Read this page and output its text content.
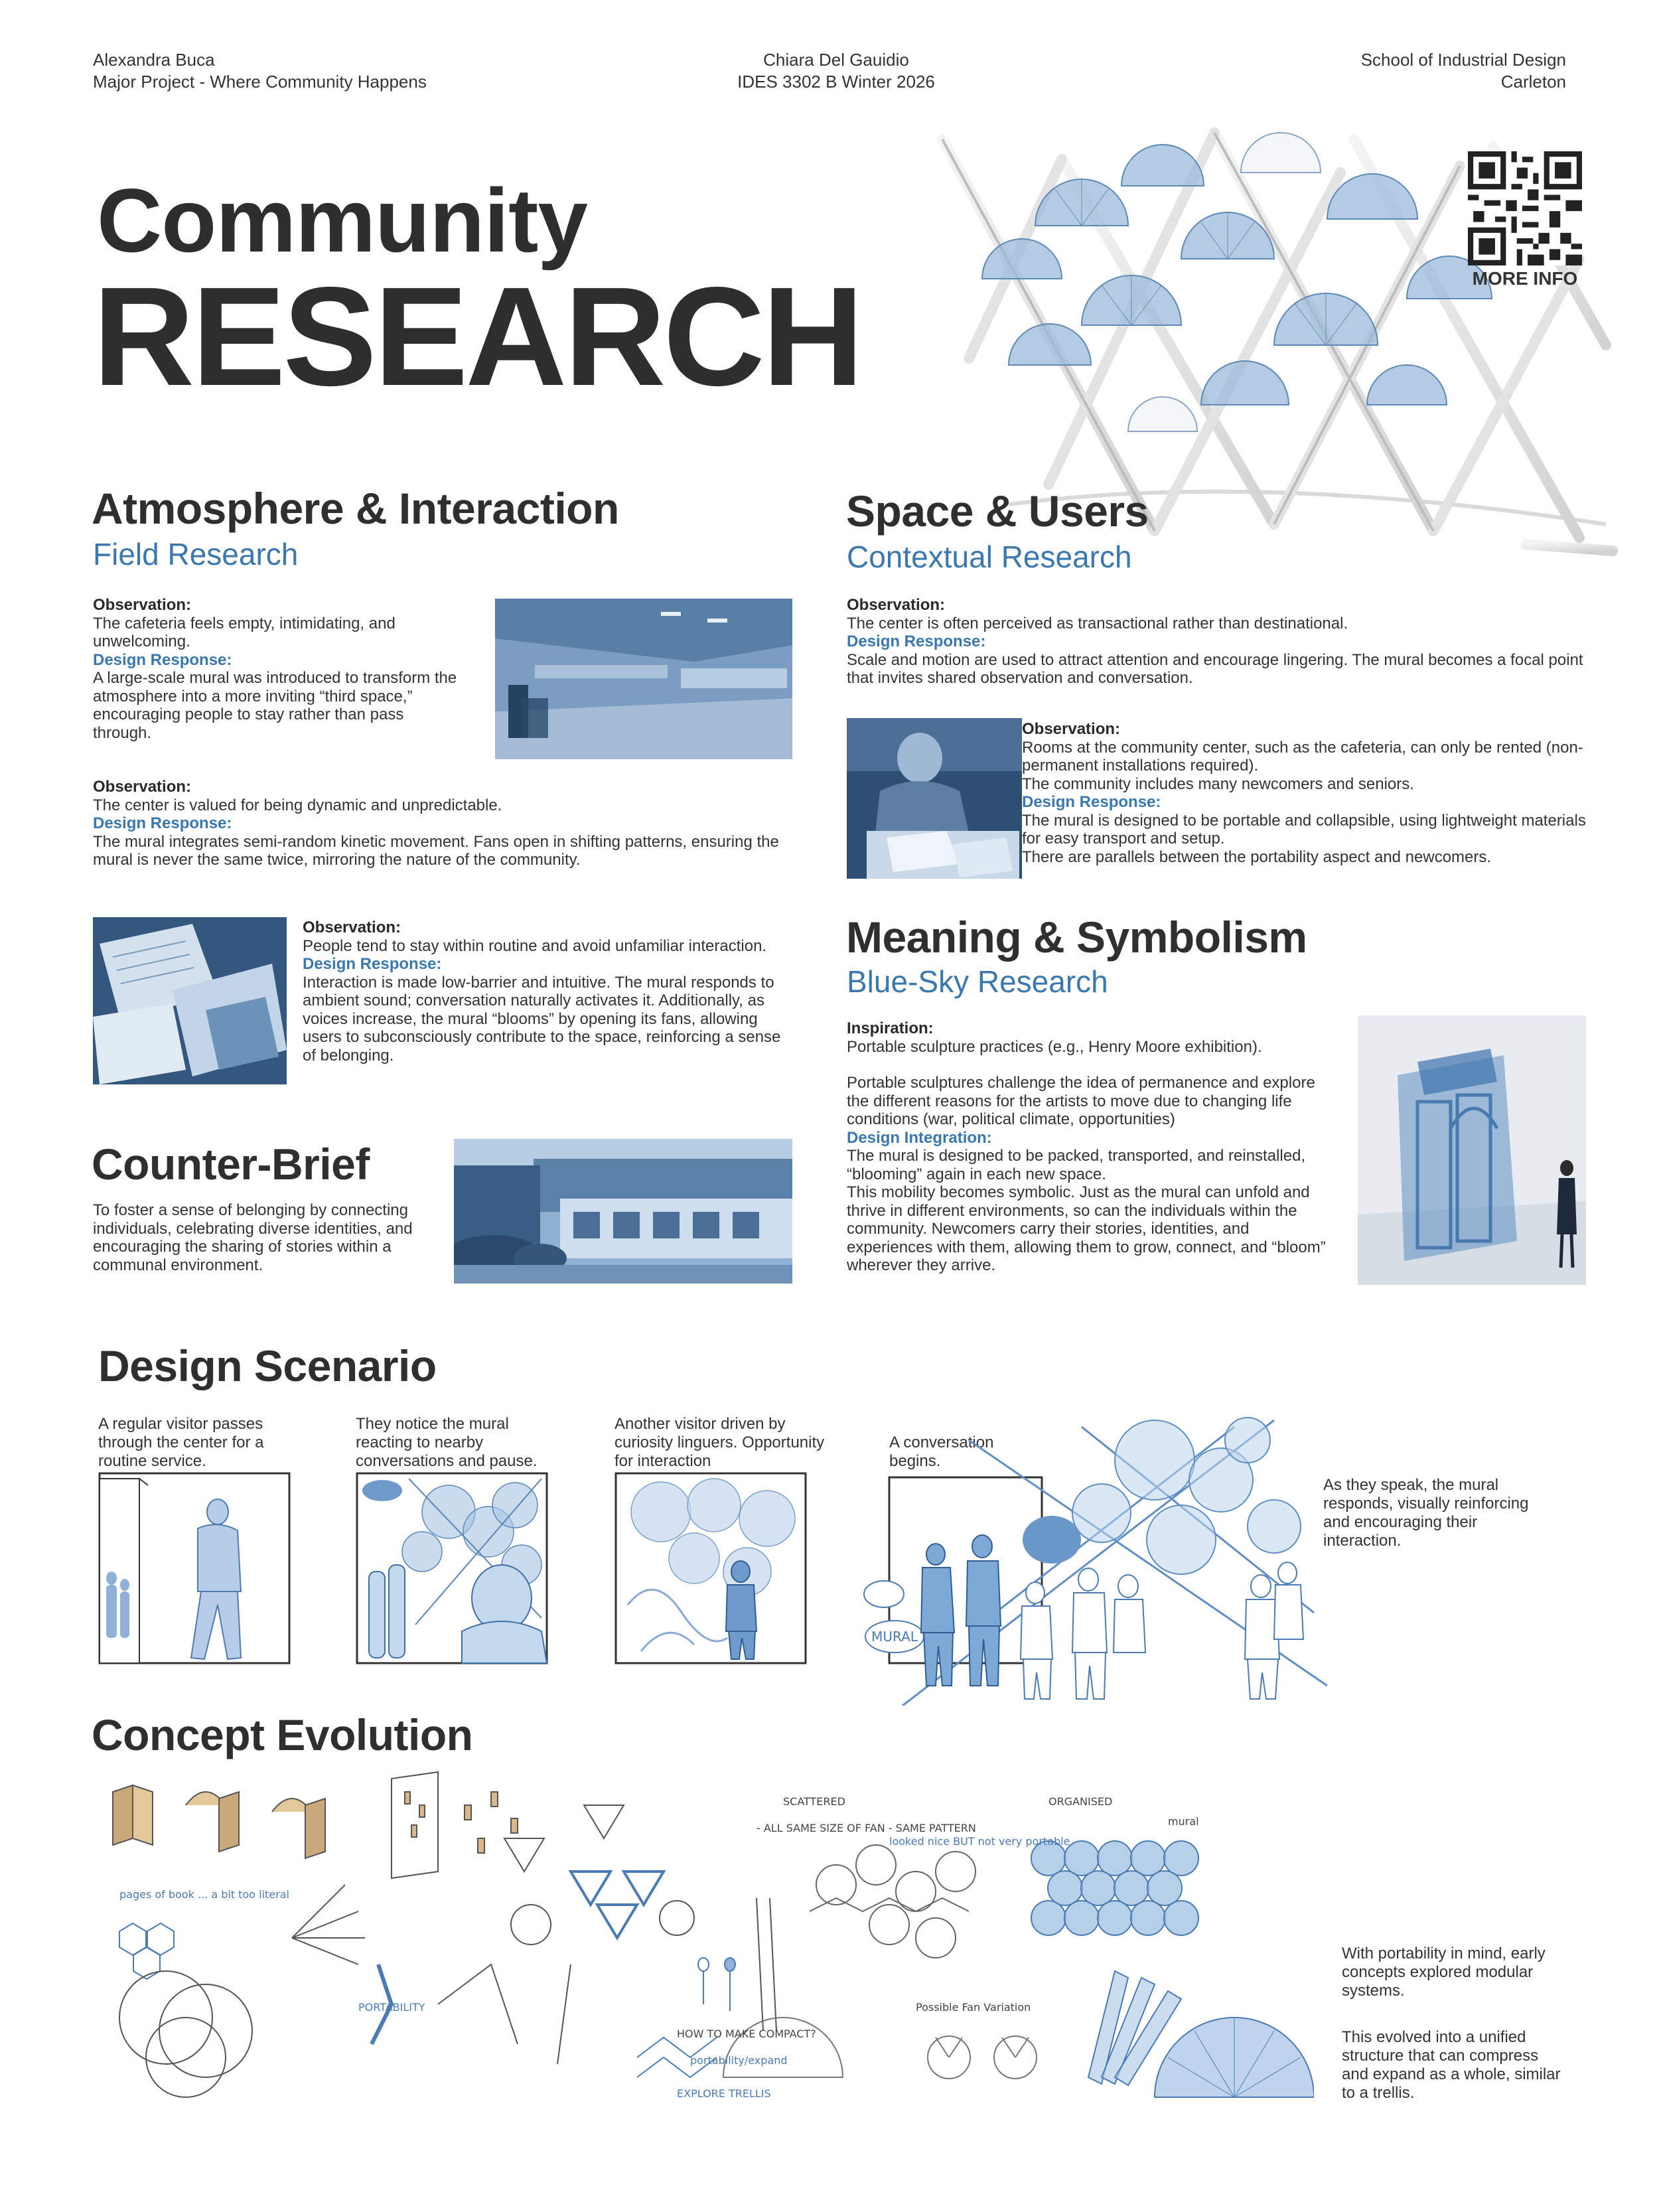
Alexandra Buca
Major Project - Where Community Happens
Chiara Del Gauidio
IDES 3302 B Winter 2026
School of Industrial Design
Carleton
Community
RESEARCH	MORE INFO
Atmosphere & Interaction
Field Research
Observation:
The cafeteria feels empty, intimidating, and unwelcoming.
Design Response:
A large-scale mural was introduced to transform the atmosphere into a more inviting “third space,” encouraging people to stay rather than pass through.
Observation:
The center is valued for being dynamic and unpredictable.
Design Response:
The mural integrates semi-random kinetic movement. Fans open in shifting patterns, ensuring the mural is never the same twice, mirroring the nature of the community.
Observation:
People tend to stay within routine and avoid unfamiliar interaction.
Design Response:
Interaction is made low-barrier and intuitive. The mural responds to ambient sound; conversation naturally activates it. Additionally, as voices increase, the mural “blooms” by opening its fans, allowing users to subconsciously contribute to the space, reinforcing a sense of belonging.
Counter-Brief
To foster a sense of belonging by connecting individuals, celebrating diverse identities, and encouraging the sharing of stories within a communal environment.
Space & Users
Contextual Research
Observation:
The center is often perceived as transactional rather than destinational.
Design Response:
Scale and motion are used to attract attention and encourage lingering. The mural becomes a focal point that invites shared observation and conversation.
Observation:
Rooms at the community center, such as the cafeteria, can only be rented (non-permanent installations required).
The community includes many newcomers and seniors.
Design Response:
The mural is designed to be portable and collapsible, using lightweight materials for easy transport and setup.
There are parallels between the portability aspect and newcomers.
Meaning & Symbolism
Blue-Sky Research
Inspiration:
Portable sculpture practices (e.g., Henry Moore exhibition).
Portable sculptures challenge the idea of permanence and explore the different reasons for the artists to move due to changing life conditions (war, political climate, opportunities)
Design Integration:
The mural is designed to be packed, transported, and reinstalled, “blooming” again in each new space.
This mobility becomes symbolic. Just as the mural can unfold and thrive in different environments, so can the individuals within the community. Newcomers carry their stories, identities, and experiences with them, allowing them to grow, connect, and “bloom” wherever they arrive.
Design Scenario
A regular visitor passes through the center for a routine service.
They notice the mural reacting to nearby conversations and pause.
Another visitor driven by curiosity linguers. Opportunity for interaction
A conversation begins.
As they speak, the mural responds, visually reinforcing and encouraging their interaction.
MURAL
Concept Evolution
pages of book ... a bit too literal
PORTABILITY
SCATTERED	ORGANISED
- ALL SAME SIZE OF FAN - SAME PATTERN
looked nice BUT not very portable
mural
HOW TO MAKE COMPACT?
portability/expand
EXPLORE TRELLIS
Possible Fan Variation
With portability in mind, early concepts explored modular systems.
This evolved into a unified structure that can compress and expand as a whole, similar to a trellis.
